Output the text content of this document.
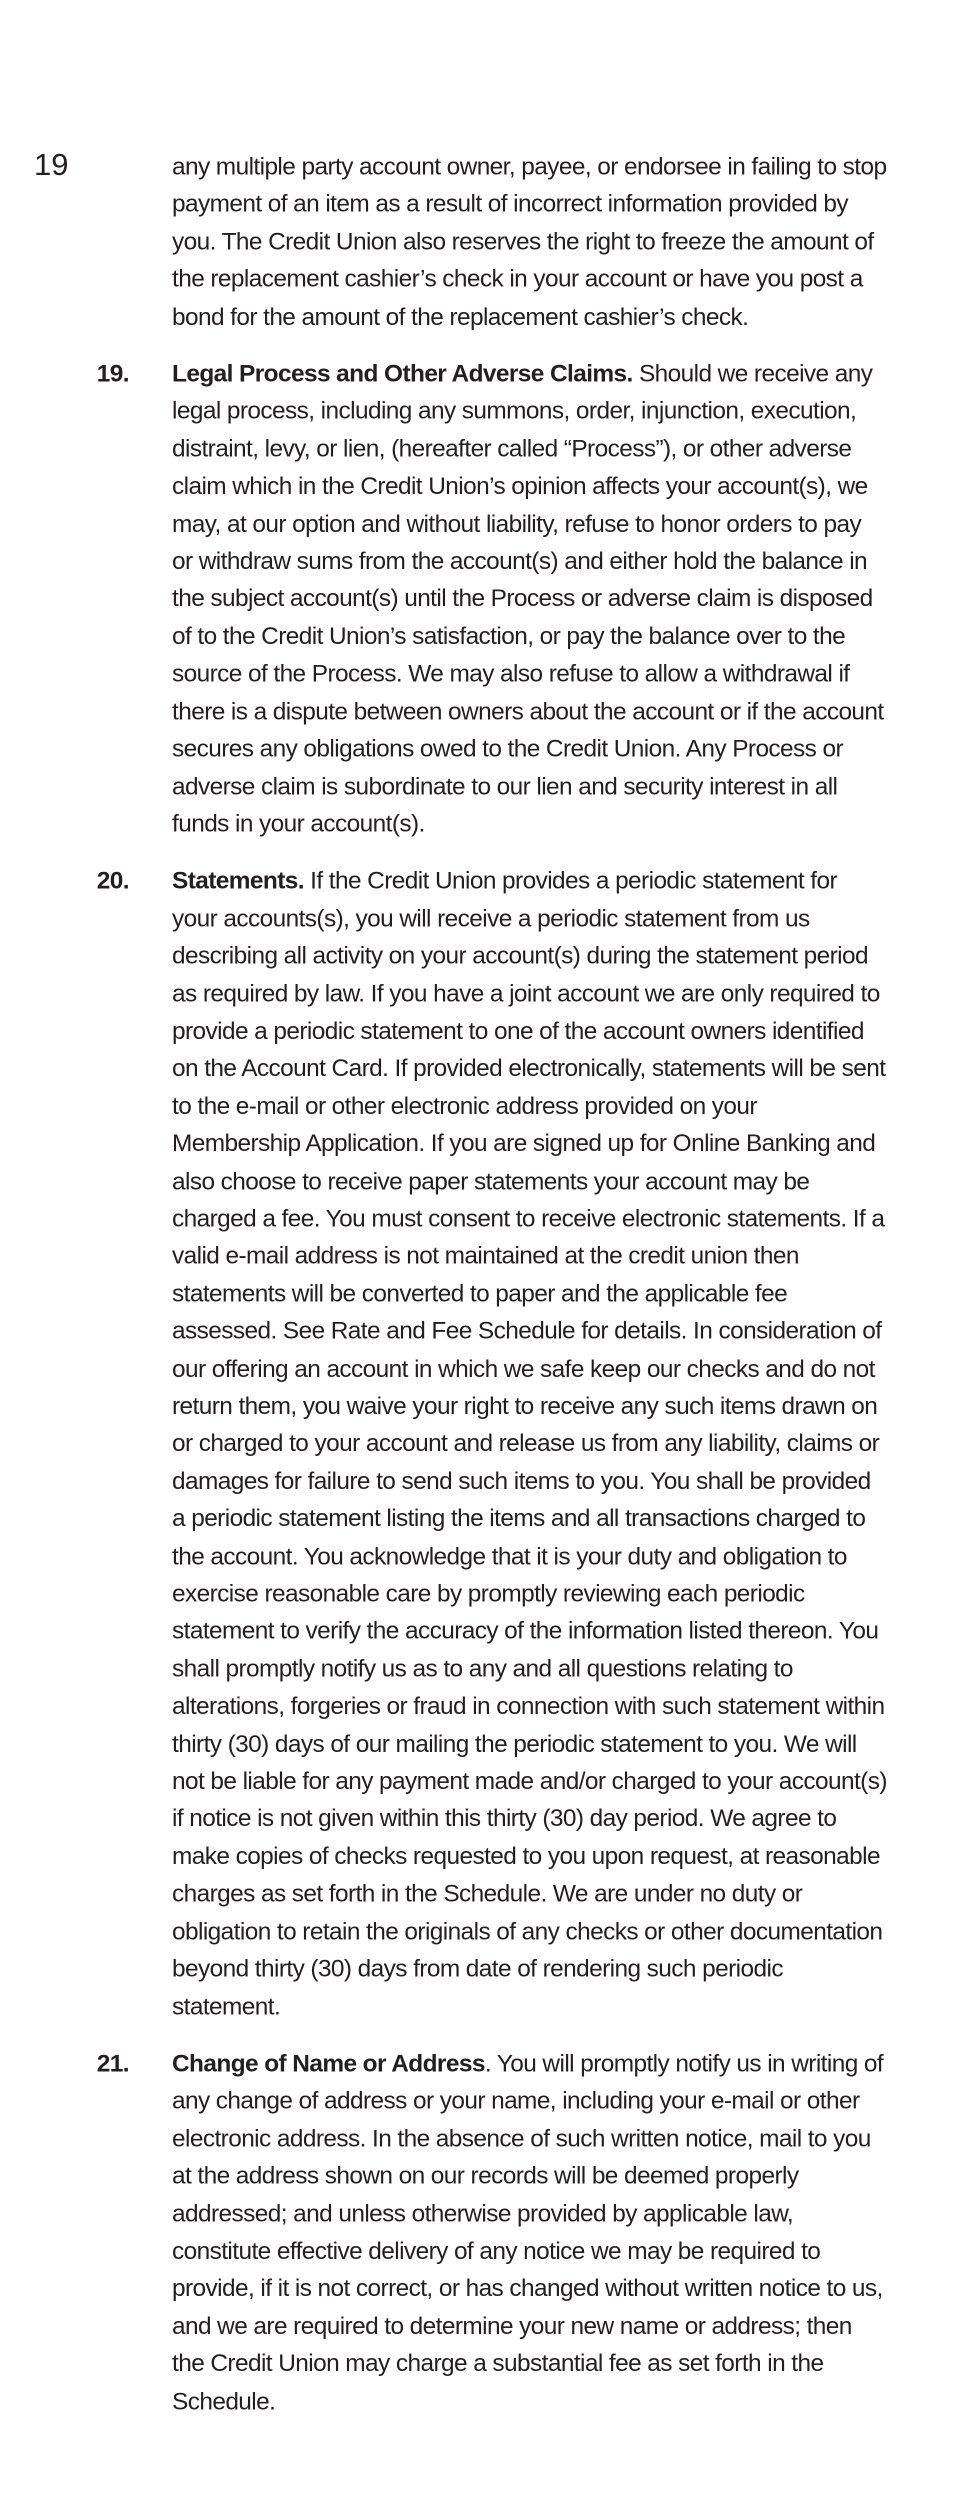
19	any multiple party account owner, payee, or endorsee in failing to stop payment of an item as a result of incorrect information provided by you. The Credit Union also reserves the right to freeze the amount of the replacement cashier’s check in your account or have you post a bond for the amount of the replacement cashier’s check.

19. Legal Process and Other Adverse Claims. Should we receive any legal process, including any summons, order, injunction, execution, distraint, levy, or lien, (hereafter called “Process”), or other adverse claim which in the Credit Union’s opinion affects your account(s), we may, at our option and without liability, refuse to honor orders to pay or withdraw sums from the account(s) and either hold the balance in the subject account(s) until the Process or adverse claim is disposed of to the Credit Union’s satisfaction, or pay the balance over to the source of the Process. We may also refuse to allow a withdrawal if there is a dispute between owners about the account or if the account secures any obligations owed to the Credit Union. Any Process or adverse claim is subordinate to our lien and security interest in all funds in your account(s).

20. Statements. If the Credit Union provides a periodic statement for your accounts(s), you will receive a periodic statement from us describing all activity on your account(s) during the statement period as required by law. If you have a joint account we are only required to provide a periodic statement to one of the account owners identified on the Account Card. If provided electronically, statements will be sent to the e-mail or other electronic address provided on your Membership Application. If you are signed up for Online Banking and also choose to receive paper statements your account may be charged a fee. You must consent to receive electronic statements. If a valid e-mail address is not maintained at the credit union then statements will be converted to paper and the applicable fee assessed. See Rate and Fee Schedule for details. In consideration of our offering an account in which we safe keep our checks and do not return them, you waive your right to receive any such items drawn on or charged to your account and release us from any liability, claims or damages for failure to send such items to you. You shall be provided a periodic statement listing the items and all transactions charged to the account. You acknowledge that it is your duty and obligation to exercise reasonable care by promptly reviewing each periodic statement to verify the accuracy of the information listed thereon. You shall promptly notify us as to any and all questions relating to alterations, forgeries or fraud in connection with such statement within thirty (30) days of our mailing the periodic statement to you. We will not be liable for any payment made and/or charged to your account(s) if notice is not given within this thirty (30) day period. We agree to make copies of checks requested to you upon request, at reasonable charges as set forth in the Schedule. We are under no duty or obligation to retain the originals of any checks or other documentation beyond thirty (30) days from date of rendering such periodic statement.

21. Change of Name or Address. You will promptly notify us in writing of any change of address or your name, including your e-mail or other electronic address. In the absence of such written notice, mail to you at the address shown on our records will be deemed properly addressed; and unless otherwise provided by applicable law, constitute effective delivery of any notice we may be required to provide, if it is not correct, or has changed without written notice to us, and we are required to determine your new name or address; then the Credit Union may charge a substantial fee as set forth in the Schedule.
